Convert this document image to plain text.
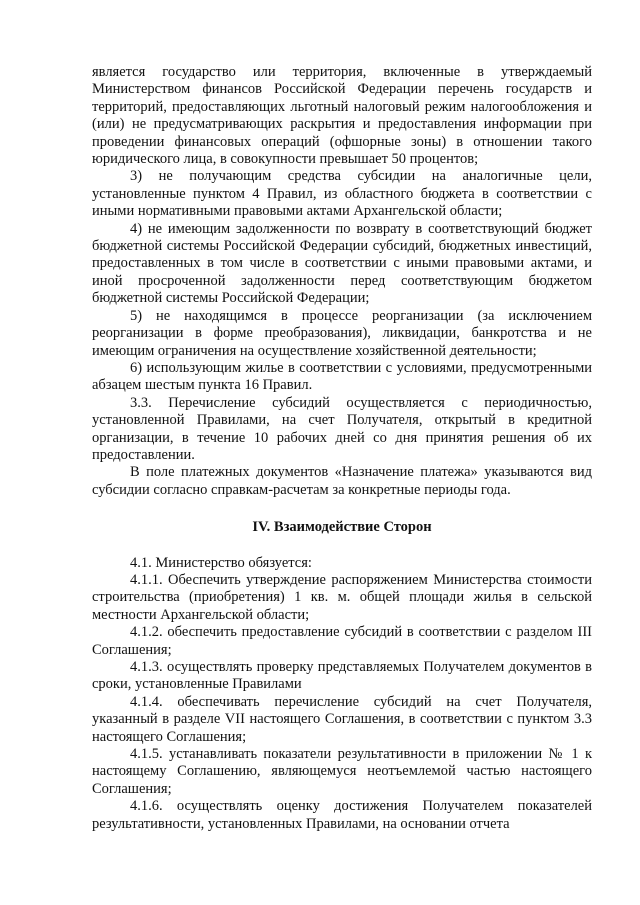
является государство или территория, включенные в утверждаемый Министерством финансов Российской Федерации перечень государств и территорий, предоставляющих льготный налоговый режим налогообложения и (или) не предусматривающих раскрытия и предоставления информации при проведении финансовых операций (офшорные зоны) в отношении такого юридического лица, в совокупности превышает 50 процентов;

3) не получающим средства субсидии на аналогичные цели, установленные пунктом 4 Правил, из областного бюджета в соответствии с иными нормативными правовыми актами Архангельской области;

4) не имеющим задолженности по возврату в соответствующий бюджет бюджетной системы Российской Федерации субсидий, бюджетных инвестиций, предоставленных в том числе в соответствии с иными правовыми актами, и иной просроченной задолженности перед соответствующим бюджетом бюджетной системы Российской Федерации;

5) не находящимся в процессе реорганизации (за исключением реорганизации в форме преобразования), ликвидации, банкротства и не имеющим ограничения на осуществление хозяйственной деятельности;

6) использующим жилье в соответствии с условиями, предусмотренными абзацем шестым пункта 16 Правил.

3.3. Перечисление субсидий осуществляется с периодичностью, установленной Правилами, на счет Получателя, открытый в кредитной организации, в течение 10 рабочих дней со дня принятия решения об их предоставлении.

В поле платежных документов «Назначение платежа» указываются вид субсидии согласно справкам-расчетам за конкретные периоды года.

IV. Взаимодействие Сторон

4.1. Министерство обязуется:

4.1.1. Обеспечить утверждение распоряжением Министерства стоимости строительства (приобретения) 1 кв. м. общей площади жилья в сельской местности Архангельской области;

4.1.2. обеспечить предоставление субсидий в соответствии с разделом III Соглашения;

4.1.3. осуществлять проверку представляемых Получателем документов в сроки, установленные Правилами

4.1.4. обеспечивать перечисление субсидий на счет Получателя, указанный в разделе VII настоящего Соглашения, в соответствии с пунктом 3.3 настоящего Соглашения;

4.1.5. устанавливать показатели результативности в приложении № 1 к настоящему Соглашению, являющемуся неотъемлемой частью настоящего Соглашения;

4.1.6. осуществлять оценку достижения Получателем показателей результативности, установленных Правилами, на основании отчета
